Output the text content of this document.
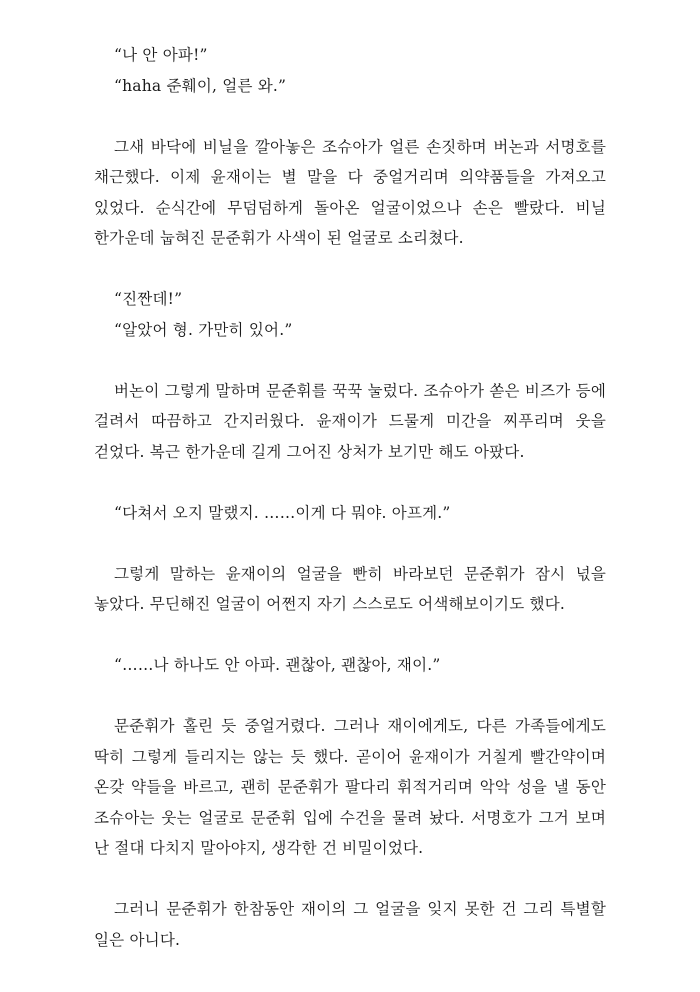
“나 안 아파!”
“haha 준훼이, 얼른 와.”

그새 바닥에 비닐을 깔아놓은 조슈아가 얼른 손짓하며 버논과 서명호를 채근했다. 이제 윤재이는 별 말을 다 중얼거리며 의약품들을 가져오고 있었다. 순식간에 무덤덤하게 돌아온 얼굴이었으나 손은 빨랐다. 비닐 한가운데 눕혀진 문준휘가 사색이 된 얼굴로 소리쳤다.

“진짠데!”
“알았어 형. 가만히 있어.”

버논이 그렇게 말하며 문준휘를 꾹꾹 눌렀다. 조슈아가 쏟은 비즈가 등에 걸려서 따끔하고 간지러웠다. 윤재이가 드물게 미간을 찌푸리며 웃을 걷었다. 복근 한가운데 길게 그어진 상처가 보기만 해도 아팠다.

“다쳐서 오지 말랬지. ……이게 다 뭐야. 아프게.”

그렇게 말하는 윤재이의 얼굴을 빤히 바라보던 문준휘가 잠시 넋을 놓았다. 무딘해진 얼굴이 어쩐지 자기 스스로도 어색해보이기도 했다.

“……나 하나도 안 아파. 괜찮아, 괜찮아, 재이.”

문준휘가 홀린 듯 중얼거렸다. 그러나 재이에게도, 다른 가족들에게도 딱히 그렇게 들리지는 않는 듯 했다. 곧이어 윤재이가 거칠게 빨간약이며 온갖 약들을 바르고, 괜히 문준휘가 팔다리 휘적거리며 악악 성을 낼 동안 조슈아는 웃는 얼굴로 문준휘 입에 수건을 물려 놨다. 서명호가 그거 보며 난 절대 다치지 말아야지, 생각한 건 비밀이었다.

그러니 문준휘가 한참동안 재이의 그 얼굴을 잊지 못한 건 그리 특별할 일은 아니다.
